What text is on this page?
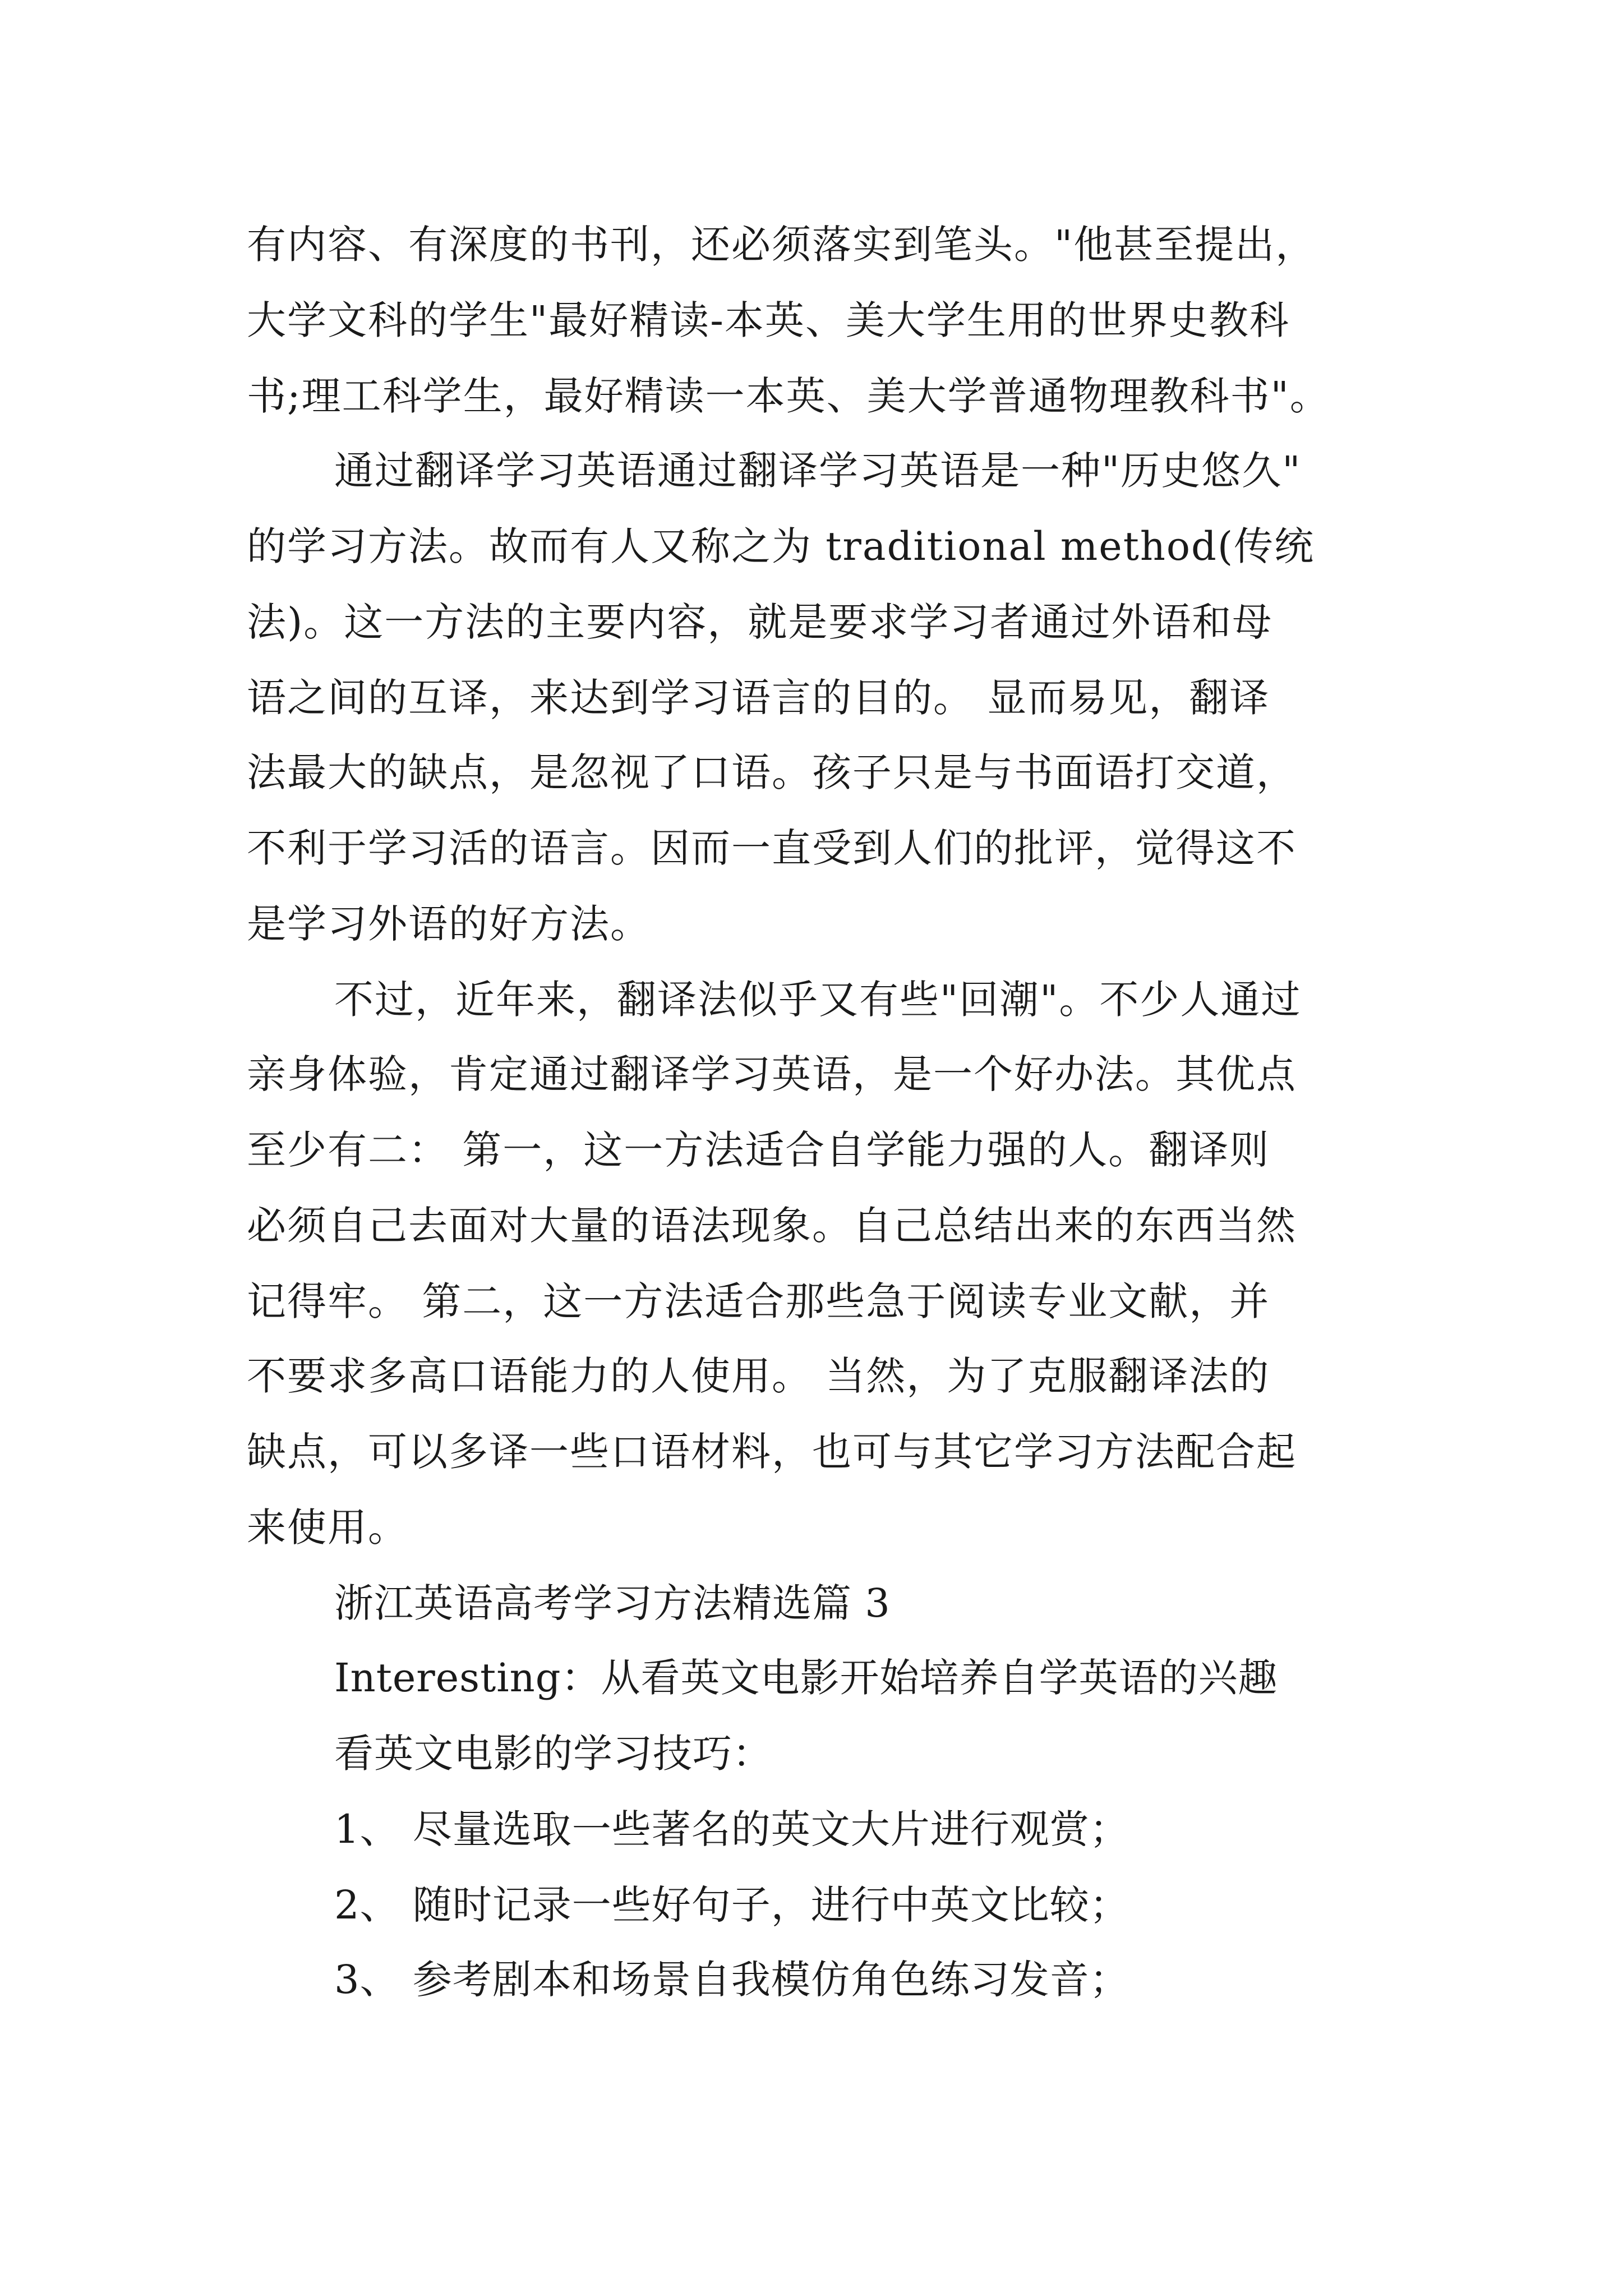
有内容、有深度的书刊，还必须落实到笔头。"他甚至提出，
大学文科的学生"最好精读-本英、美大学生用的世界史教科
书;理工科学生，最好精读一本英、美大学普通物理教科书"。
通过翻译学习英语通过翻译学习英语是一种"历史悠久"
的学习方法。故而有人又称之为 traditional method(传统
法)。这一方法的主要内容，就是要求学习者通过外语和母
语之间的互译，来达到学习语言的目的。 显而易见，翻译
法最大的缺点，是忽视了口语。孩子只是与书面语打交道，
不利于学习活的语言。因而一直受到人们的批评，觉得这不
是学习外语的好方法。
不过，近年来，翻译法似乎又有些"回潮"。不少人通过
亲身体验，肯定通过翻译学习英语，是一个好办法。其优点
至少有二： 第一，这一方法适合自学能力强的人。翻译则
必须自己去面对大量的语法现象。自己总结出来的东西当然
记得牢。 第二，这一方法适合那些急于阅读专业文献，并
不要求多高口语能力的人使用。 当然，为了克服翻译法的
缺点，可以多译一些口语材料，也可与其它学习方法配合起
来使用。
浙江英语高考学习方法精选篇 3
Interesting：从看英文电影开始培养自学英语的兴趣
看英文电影的学习技巧：
1、 尽量选取一些著名的英文大片进行观赏；
2、 随时记录一些好句子，进行中英文比较；
3、 参考剧本和场景自我模仿角色练习发音；
